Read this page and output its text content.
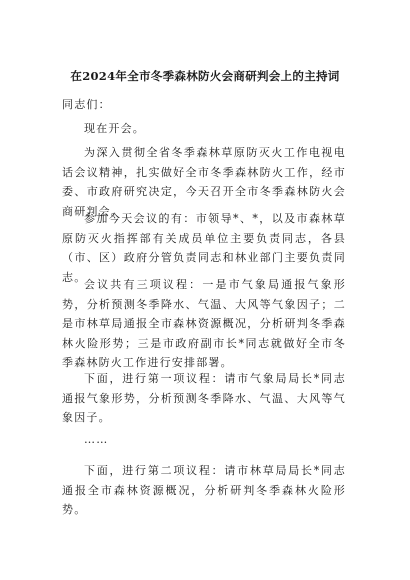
在2024年全市冬季森林防火会商研判会上的主持词
同志们：
现在开会。
为深入贯彻全省冬季森林草原防灭火工作电视电话会议精神，扎实做好全市冬季森林防火工作，经市委、市政府研究决定，今天召开全市冬季森林防火会商研判会。
参加今天会议的有：市领导*、*，以及市森林草原防灭火指挥部有关成员单位主要负责同志，各县（市、区）政府分管负责同志和林业部门主要负责同志。
会议共有三项议程：一是市气象局通报气象形势，分析预测冬季降水、气温、大风等气象因子；二是市林草局通报全市森林资源概况，分析研判冬季森林火险形势；三是市政府副市长*同志就做好全市冬季森林防火工作进行安排部署。
下面，进行第一项议程：请市气象局局长*同志通报气象形势，分析预测冬季降水、气温、大风等气象因子。
……
下面，进行第二项议程：请市林草局局长*同志通报全市森林资源概况，分析研判冬季森林火险形势。
